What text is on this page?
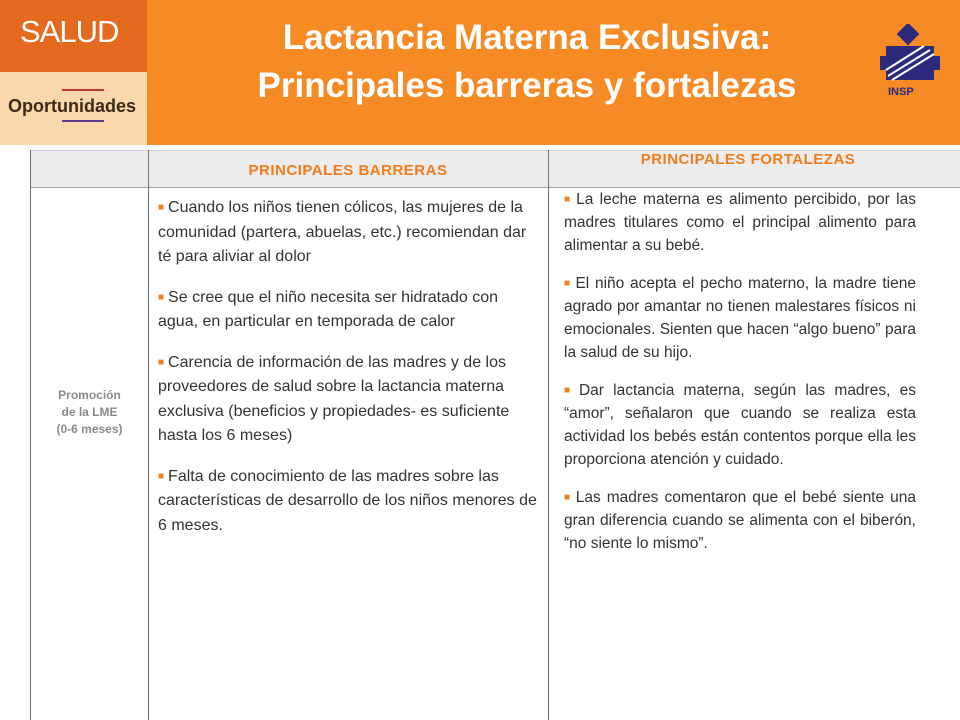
SALUD
Oportunidades
Lactancia Materna Exclusiva:
Principales barreras y fortalezas	INSP
PRINCIPALES BARRERAS
PRINCIPALES FORTALEZAS
Promoción
de la LME
(0-6 meses)

■ Cuando los niños tienen cólicos, las mujeres de la comunidad (partera, abuelas, etc.) recomiendan dar té para aliviar al dolor

■ Se cree que el niño necesita ser hidratado con agua, en particular en temporada de calor

■ Carencia de información de las madres y de los proveedores de salud sobre la lactancia materna exclusiva (beneficios y propiedades- es suficiente hasta los 6 meses)

■ Falta de conocimiento de las madres sobre las características de desarrollo de los niños menores de 6 meses.

■ La leche materna es alimento percibido, por las madres titulares como el principal alimento para alimentar a su bebé.

■ El niño acepta el pecho materno, la madre tiene agrado por amantar no tienen malestares físicos ni emocionales. Sienten que hacen “algo bueno” para la salud de su hijo.

■ Dar lactancia materna, según las madres, es “amor”, señalaron que cuando se realiza esta actividad los bebés están contentos porque ella les proporciona atención y cuidado.

■ Las madres comentaron que el bebé siente una gran diferencia cuando se alimenta con el biberón, “no siente lo mismo”.
